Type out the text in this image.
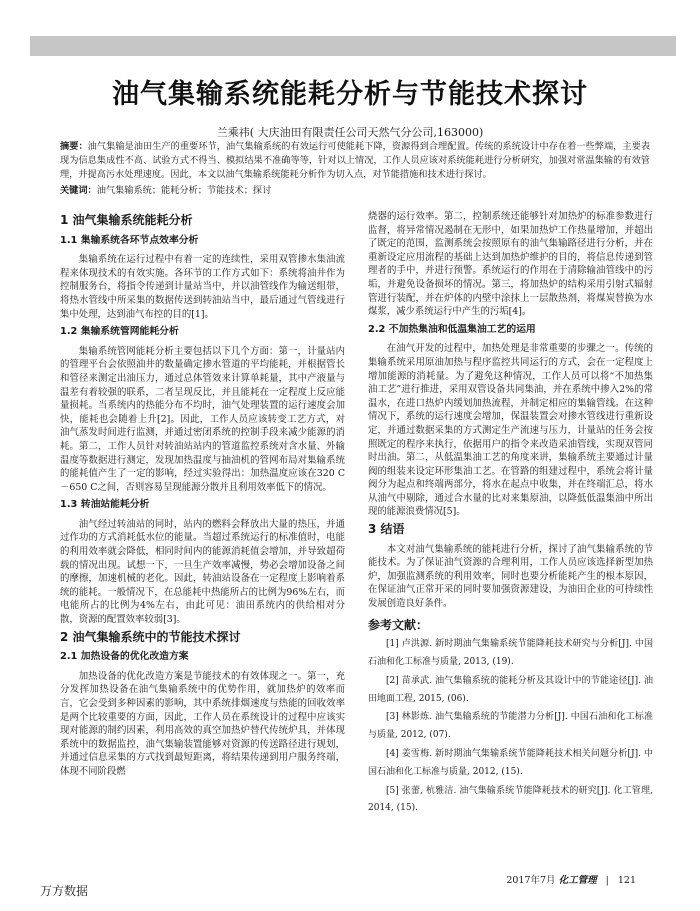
油气集输系统能耗分析与节能技术探讨
兰乘祎( 大庆油田有限责任公司天然气分公司,163000)
摘要：油气集输是油田生产的重要环节，油气集输系统的有效运行可使能耗下降，资源得到合理配置。传统的系统设计中存在着一些弊端，主要表现为信息集成性不高、试验方式不得当、模拟结果不准确等等，针对以上情况，工作人员应该对系统能耗进行分析研究，加强对常温集输的有效管理，并提高污水处理速度。因此，本文以油气集输系统能耗分析作为切入点，对节能措施和技术进行探讨。
关键词：油气集输系统；能耗分析；节能技术；探讨
1 油气集输系统能耗分析
1.1 集输系统各环节点效率分析

集输系统在运行过程中有着一定的连续性，采用双管掺水集油流程来体现技术的有效实施。各环节的工作方式如下：系统将油井作为控制服务台，将指令传递到计量站当中，并以油管线作为输送组带，将热水管线中所采集的数据传送到转油站当中，最后通过气管线进行集中处理，达到油气布控的目的[1]。

1.2 集输系统管网能耗分析

集输系统管网能耗分析主要包括以下几个方面：第一，计量站内的管理平台会依照油井的数量确定掺水管道的平均能耗，并根据管长和管径来测定出油压力，通过总体管效来计算单耗量，其中产液量与温差有着较强的联系，二者呈现反比，并且能耗在一定程度上反应能量损耗。当系统内的热能分布不均时，油气处理装置的运行速度会加快，能耗也会随着上升[2]。因此，工作人员应该转变工艺方式，对油气蒸发时间进行监测，并通过密闭系统的控制手段来减少能源的消耗。第二，工作人员针对转油站站内的管道监控系统对含水量、外输温度等数据进行测定，发现加热温度与抽油机的管网布局对集输系统的能耗值产生了一定的影响，经过实验得出：加热温度应该在320 C－650 C之间，否则容易呈现能源分散并且利用效率低下的情况。

1.3 转油站能耗分析

油气经过转油站的同时，站内的燃料会释放出大量的热压，并通过作功的方式消耗低水位的能量。当超过系统运行的标准值时，电能的利用效率就会降低，相同时间内的能源消耗值会增加，并导致超荷载的情况出现。试想一下，一旦生产效率减慢，势必会增加设备之间的摩擦，加速机械的老化。因此，转油站设备在一定程度上影响着系统的能耗。一般情况下，在总能耗中热能所占的比例为96%左右，而电能所占的比例为4%左右，由此可见：油田系统内的供给相对分散，资源的配置效率较弱[3]。

2 油气集输系统中的节能技术探讨
2.1 加热设备的优化改造方案

加热设备的优化改造方案是节能技术的有效体现之一。第一，充分发挥加热设备在油气集输系统中的优势作用，就加热炉的效率而言，它会受到多种因素的影响，其中系统排烟速度与热能的回收效率是两个比较重要的方面，因此，工作人员在系统设计的过程中应该实现对能源的制约因素，利用高效的真空加热炉替代传统炉具，并体现系统中的数据监控，油气集输装置能够对资源的传送路径进行规划，并通过信息采集的方式找到最短距离，将结果传递到用户服务终端，体现不同阶段燃

烧器的运行效率。第二，控制系统还能够针对加热炉的标准参数进行监督，将异常情况遏制在无形中，如果加热炉工作热量增加，并超出了既定的范围，监测系统会按照原有的油气集输路径进行分析，并在重新设定应用流程的基础上达到加热炉维护的目的，将信息传递到管理者的手中，并进行预警。系统运行的作用在于清除输油管线中的污垢，并避免设备损坏的情况。第三，将加热炉的结构采用引射式辐射管进行装配，并在炉体的内壁中涂抹上一层散热剂，将煤炭替换为水煤浆，减少系统运行中产生的污垢[4]。

2.2 不加热集油和低温集油工艺的运用

在油气开发的过程中，加热处理是非常重要的步骤之一。传统的集输系统采用原油加热与程序监控共同运行的方式，会在一定程度上增加能源的消耗量。为了避免这种情况，工作人员可以将“不加热集油工艺”进行推进，采用双管设备共同集油，并在系统中掺入2%的常温水，在进口热炉内缓划加热流程，并制定相应的集输管线。在这种情况下，系统的运行速度会增加，保温装置会对掺水管线进行重新设定，并通过数据采集的方式测定生产流速与压力，计量站的任务会按照既定的程序来执行，依据用户的指令来改造采油管线，实现双管同时出油。第二，从低温集油工艺的角度来讲，集输系统主要通过计量阀的组装来设定环形集油工艺。在管路的组建过程中，系统会将计量阀分为起点和终端两部分，将水在起点中收集，并在终端汇总，将水从油气中剔除，通过合水量的比对来集原油，以降低低温集油中所出现的能源浪费情况[5]。

3 结语

本文对油气集输系统的能耗进行分析，探讨了油气集输系统的节能技术。为了保证油气资源的合理利用，工作人员应该选择新型加热炉，加强监测系统的利用效率，同时也要分析能耗产生的根本原因，在保证油气正常开采的同时要加强资源建设，为油田企业的可持续性发展创造良好条件。

参考文献：

[1] 卢洪源. 新时期油气集输系统节能降耗技术研究与分析[J]. 中国石油和化工标准与质量, 2013, (19).

[2] 苗承武. 油气集输系统的能耗分析及其设计中的节能途径[J]. 油田地面工程, 2015, (06).

[3] 林影炼. 油气集输系统的节能潜力分析[J]. 中国石油和化工标准与质量, 2012, (07).

[4] 姜雪梅. 新时期油气集输系统节能降耗技术相关问题分析[J]. 中国石油和化工标准与质量, 2012, (15).

[5] 张蕾, 杭雅洁. 油气集输系统节能降耗技术的研究[J]. 化工管理, 2014, (15).

2017年7月 化工管理 | 121
万方数据
